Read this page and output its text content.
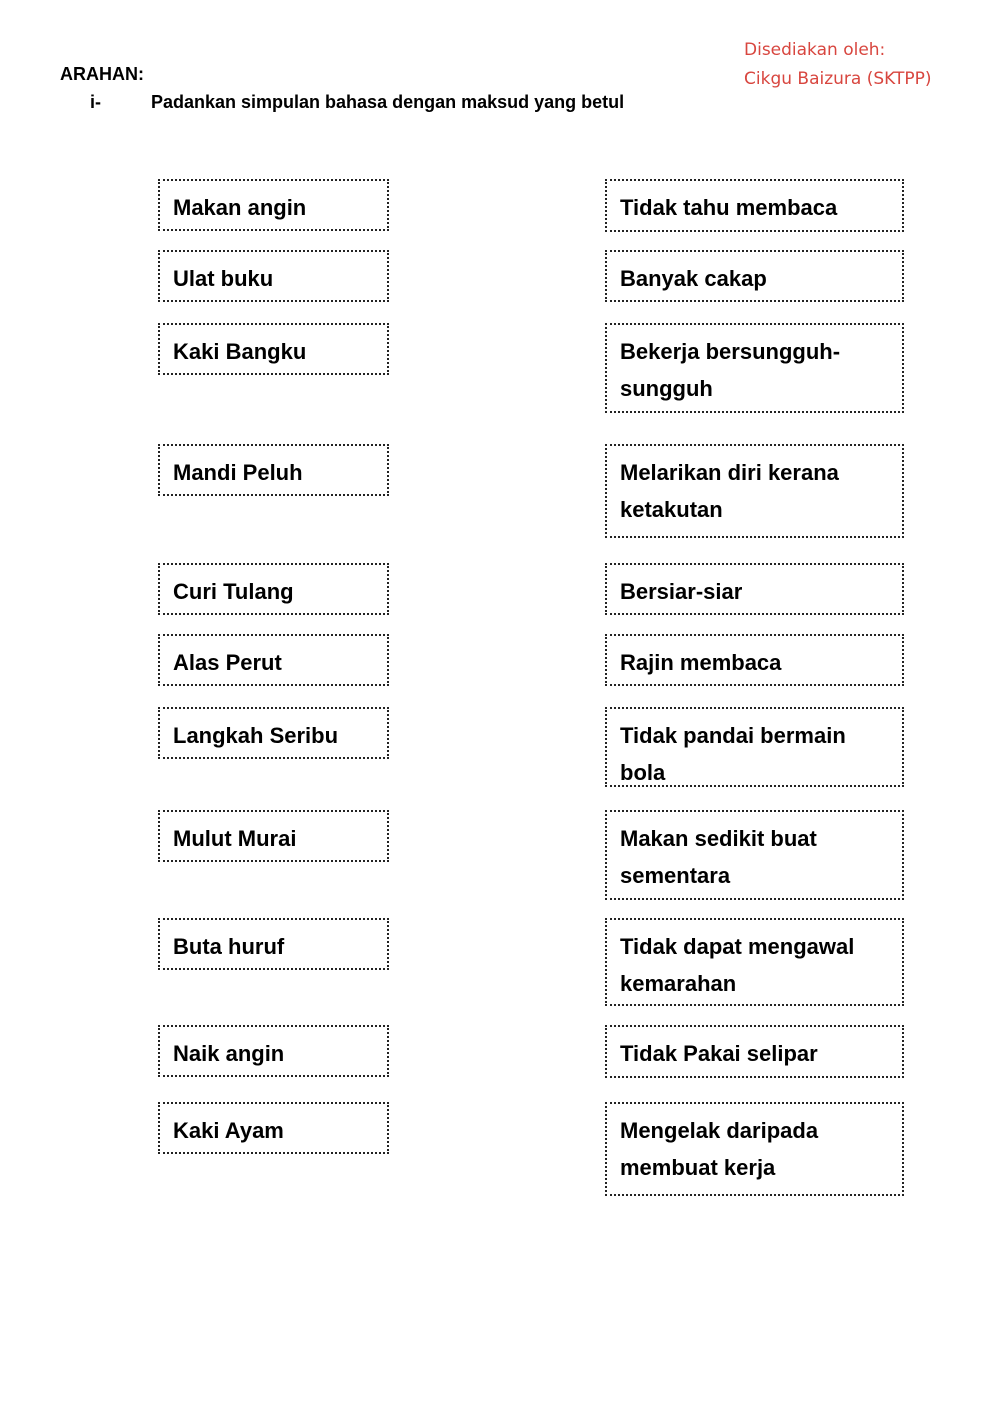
Disediakan oleh:
Cikgu Baizura (SKTPP)
ARAHAN:
i-	Padankan simpulan bahasa dengan maksud yang betul
Makan angin
Ulat buku
Kaki Bangku
Mandi Peluh
Curi Tulang
Alas Perut
Langkah Seribu
Mulut Murai
Buta huruf
Naik angin
Kaki Ayam
Tidak tahu membaca
Banyak cakap
Bekerja bersungguh-sungguh
Melarikan diri kerana ketakutan
Bersiar-siar
Rajin membaca
Tidak pandai bermain bola
Makan sedikit buat sementara
Tidak dapat mengawal kemarahan
Tidak Pakai selipar
Mengelak daripada membuat kerja
